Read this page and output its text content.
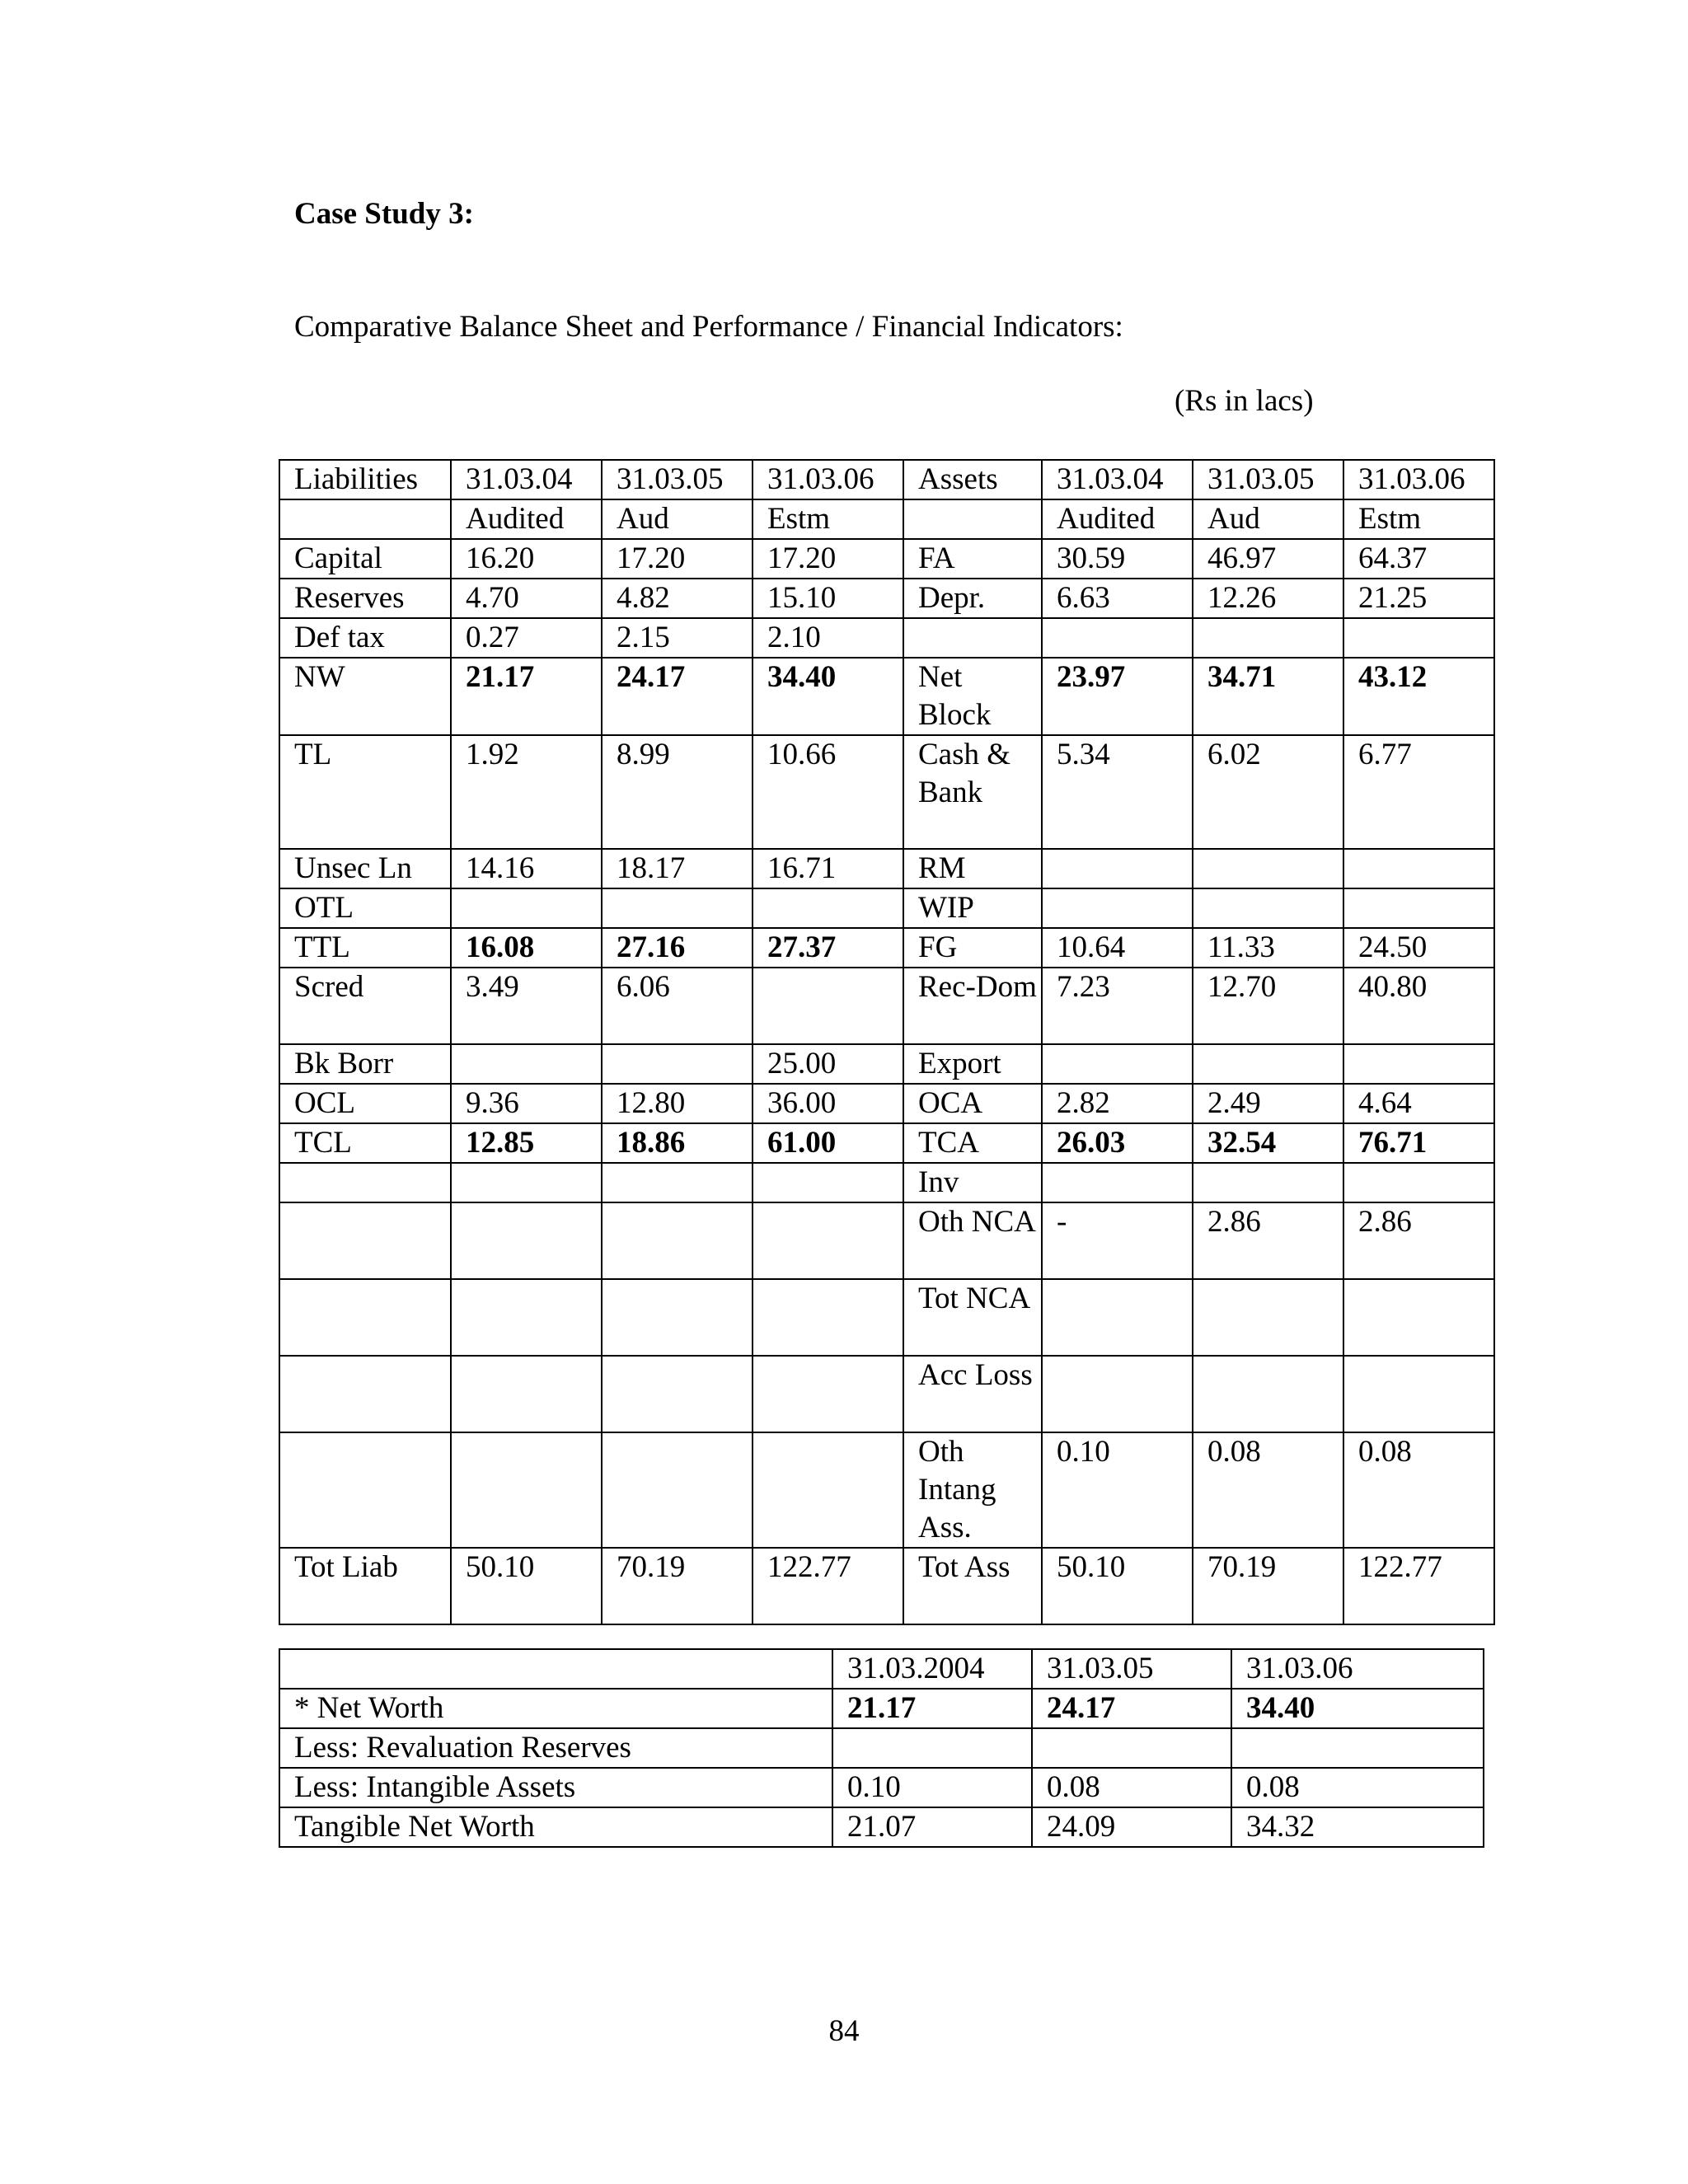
Case Study 3:

Comparative Balance Sheet and Performance / Financial Indicators:

(Rs in lacs)

Liabilities	31.03.04	31.03.05	31.03.06	Assets	31.03.04	31.03.05	31.03.06
	Audited	Aud	Estm		Audited	Aud	Estm
Capital	16.20	17.20	17.20	FA	30.59	46.97	64.37
Reserves	4.70	4.82	15.10	Depr.	6.63	12.26	21.25
Def tax	0.27	2.15	2.10				
NW	21.17	24.17	34.40	Net Block	23.97	34.71	43.12
TL	1.92	8.99	10.66	Cash & Bank	5.34	6.02	6.77
Unsec Ln	14.16	18.17	16.71	RM			
OTL				WIP			
TTL	16.08	27.16	27.37	FG	10.64	11.33	24.50
Scred	3.49	6.06		Rec-Dom	7.23	12.70	40.80
Bk Borr			25.00	Export			
OCL	9.36	12.80	36.00	OCA	2.82	2.49	4.64
TCL	12.85	18.86	61.00	TCA	26.03	32.54	76.71
				Inv			
				Oth NCA	-	2.86	2.86
				Tot NCA			
				Acc Loss			
				Oth Intang Ass.	0.10	0.08	0.08
Tot Liab	50.10	70.19	122.77	Tot Ass	50.10	70.19	122.77
	31.03.2004	31.03.05	31.03.06
* Net Worth	21.17	24.17	34.40
Less: Revaluation Reserves			
Less: Intangible Assets	0.10	0.08	0.08
Tangible Net Worth	21.07	24.09	34.32

84
